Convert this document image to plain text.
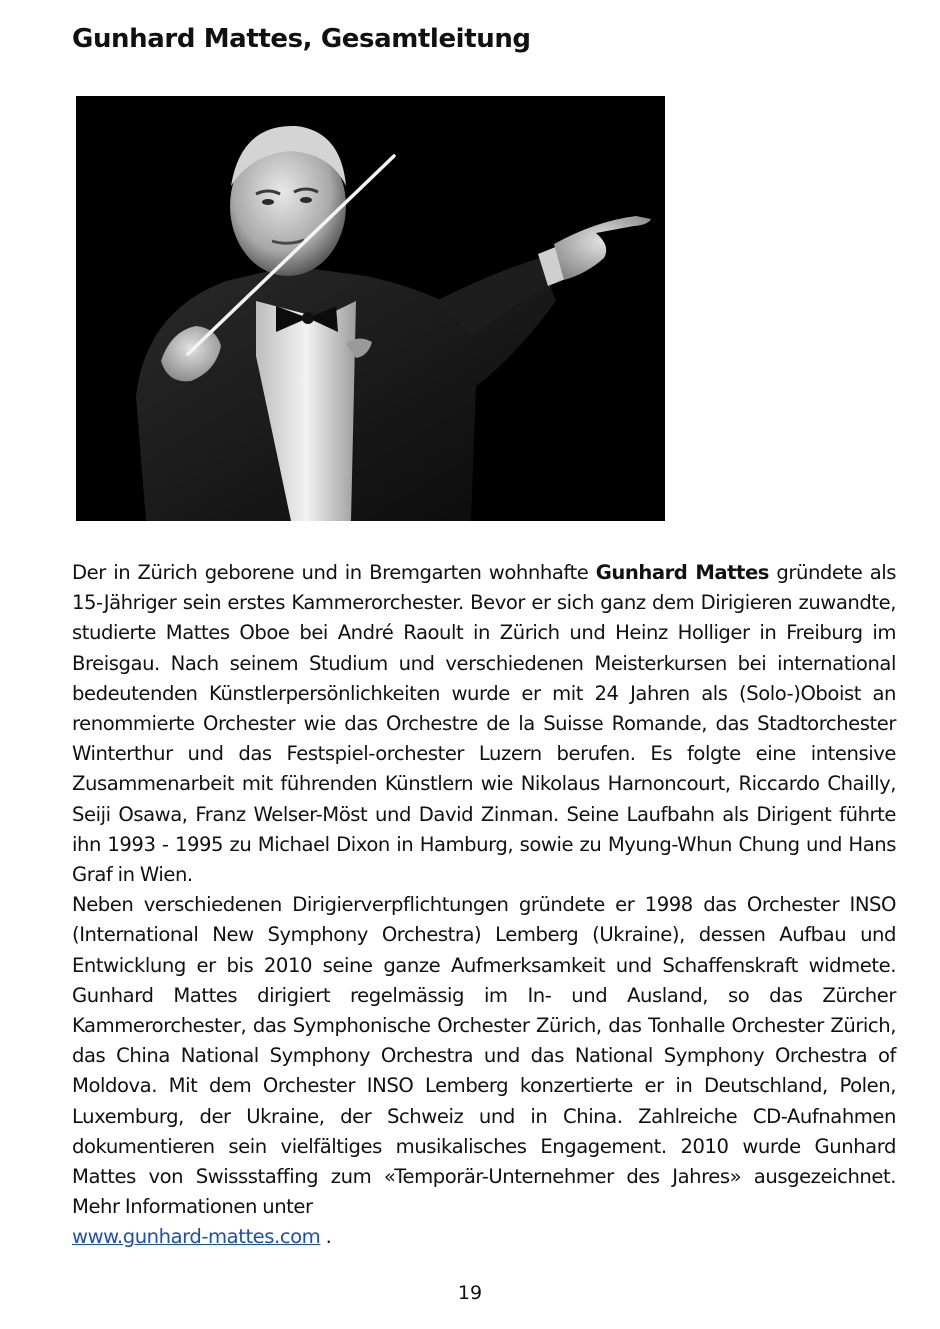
Gunhard Mattes, Gesamtleitung

Der in Zürich geborene und in Bremgarten wohnhafte Gunhard Mattes gründete als 15-Jähriger sein erstes Kammerorchester. Bevor er sich ganz dem Dirigieren zuwandte, studierte Mattes Oboe bei André Raoult in Zürich und Heinz Holliger in Freiburg im Breisgau. Nach seinem Studium und verschiedenen Meisterkursen bei international bedeutenden Künstlerpersönlichkeiten wurde er mit 24 Jahren als (Solo-)Oboist an renommierte Orchester wie das Orchestre de la Suisse Romande, das Stadtorchester Winterthur und das Festspiel-orchester Luzern berufen. Es folgte eine intensive Zusammenarbeit mit führenden Künstlern wie Nikolaus Harnoncourt, Riccardo Chailly, Seiji Osawa, Franz Welser-Möst und David Zinman. Seine Laufbahn als Dirigent führte ihn 1993 - 1995 zu Michael Dixon in Hamburg, sowie zu Myung-Whun Chung und Hans Graf in Wien.

Neben verschiedenen Dirigierverpflichtungen gründete er 1998 das Orchester INSO (International New Symphony Orchestra) Lemberg (Ukraine), dessen Aufbau und Entwicklung er bis 2010 seine ganze Aufmerksamkeit und Schaffenskraft widmete. Gunhard Mattes dirigiert regelmässig im In- und Ausland, so das Zürcher Kammerorchester, das Symphonische Orchester Zürich, das Tonhalle Orchester Zürich, das China National Symphony Orchestra und das National Symphony Orchestra of Moldova. Mit dem Orchester INSO Lemberg konzertierte er in Deutschland, Polen, Luxemburg, der Ukraine, der Schweiz und in China. Zahlreiche CD-Aufnahmen dokumentieren sein vielfältiges musikalisches Engagement. 2010 wurde Gunhard Mattes von Swissstaffing zum «Temporär-Unternehmer des Jahres» ausgezeichnet. Mehr Informationen unter
www.gunhard-mattes.com .

19
